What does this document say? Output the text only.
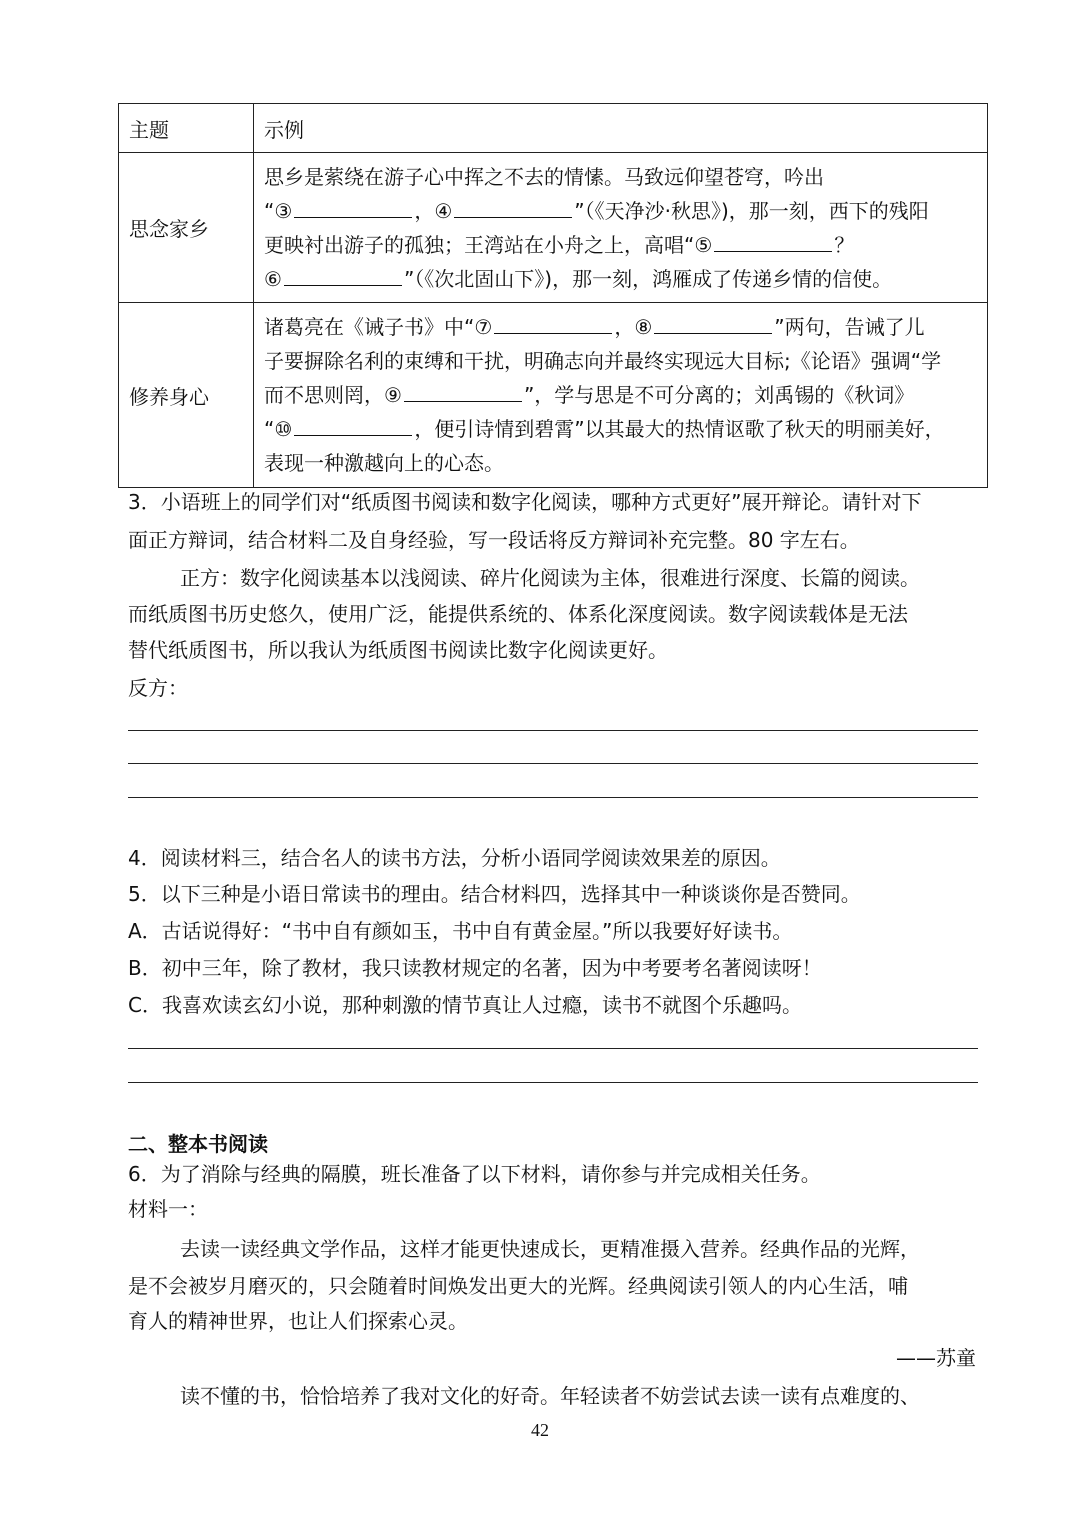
主题	示例
思念家乡	思乡是萦绕在游子心中挥之不去的情愫。马致远仰望苍穹，吟出
“③ ，④ ”（《天净沙·秋思》)，那一刻，西下的残阳
更映衬出游子的孤独；王湾站在小舟之上，高唱“⑤ ？
⑥ ”（《次北固山下》)，那一刻，鸿雁成了传递乡情的信使。

修养身心	诸葛亮在《诫子书》中“⑦ ，⑧ ”两句，告诫了儿
子要摒除名利的束缚和干扰，明确志向并最终实现远大目标;《论语》强调“学
而不思则罔，⑨ ”，学与思是不可分离的；刘禹锡的《秋词》
“⑩ ，便引诗情到碧霄”以其最大的热情讴歌了秋天的明丽美好，
表现一种激越向上的心态。
3．小语班上的同学们对“纸质图书阅读和数字化阅读，哪种方式更好”展开辩论。请针对下
面正方辩词，结合材料二及自身经验，写一段话将反方辩词补充完整。80 字左右。
正方：数字化阅读基本以浅阅读、碎片化阅读为主体，很难进行深度、长篇的阅读。
而纸质图书历史悠久，使用广泛，能提供系统的、体系化深度阅读。数字阅读载体是无法
替代纸质图书，所以我认为纸质图书阅读比数字化阅读更好。
反方：
4．阅读材料三，结合名人的读书方法，分析小语同学阅读效果差的原因。
5．以下三种是小语日常读书的理由。结合材料四，选择其中一种谈谈你是否赞同。
A．古话说得好：“书中自有颜如玉，书中自有黄金屋。”所以我要好好读书。
B．初中三年，除了教材，我只读教材规定的名著，因为中考要考名著阅读呀！
C．我喜欢读玄幻小说，那种刺激的情节真让人过瘾，读书不就图个乐趣吗。
二、整本书阅读
6．为了消除与经典的隔膜，班长准备了以下材料，请你参与并完成相关任务。
材料一：
去读一读经典文学作品，这样才能更快速成长，更精准摄入营养。经典作品的光辉，
是不会被岁月磨灭的，只会随着时间焕发出更大的光辉。经典阅读引领人的内心生活，哺
育人的精神世界，也让人们探索心灵。
——苏童
读不懂的书，恰恰培养了我对文化的好奇。年轻读者不妨尝试去读一读有点难度的、
42
